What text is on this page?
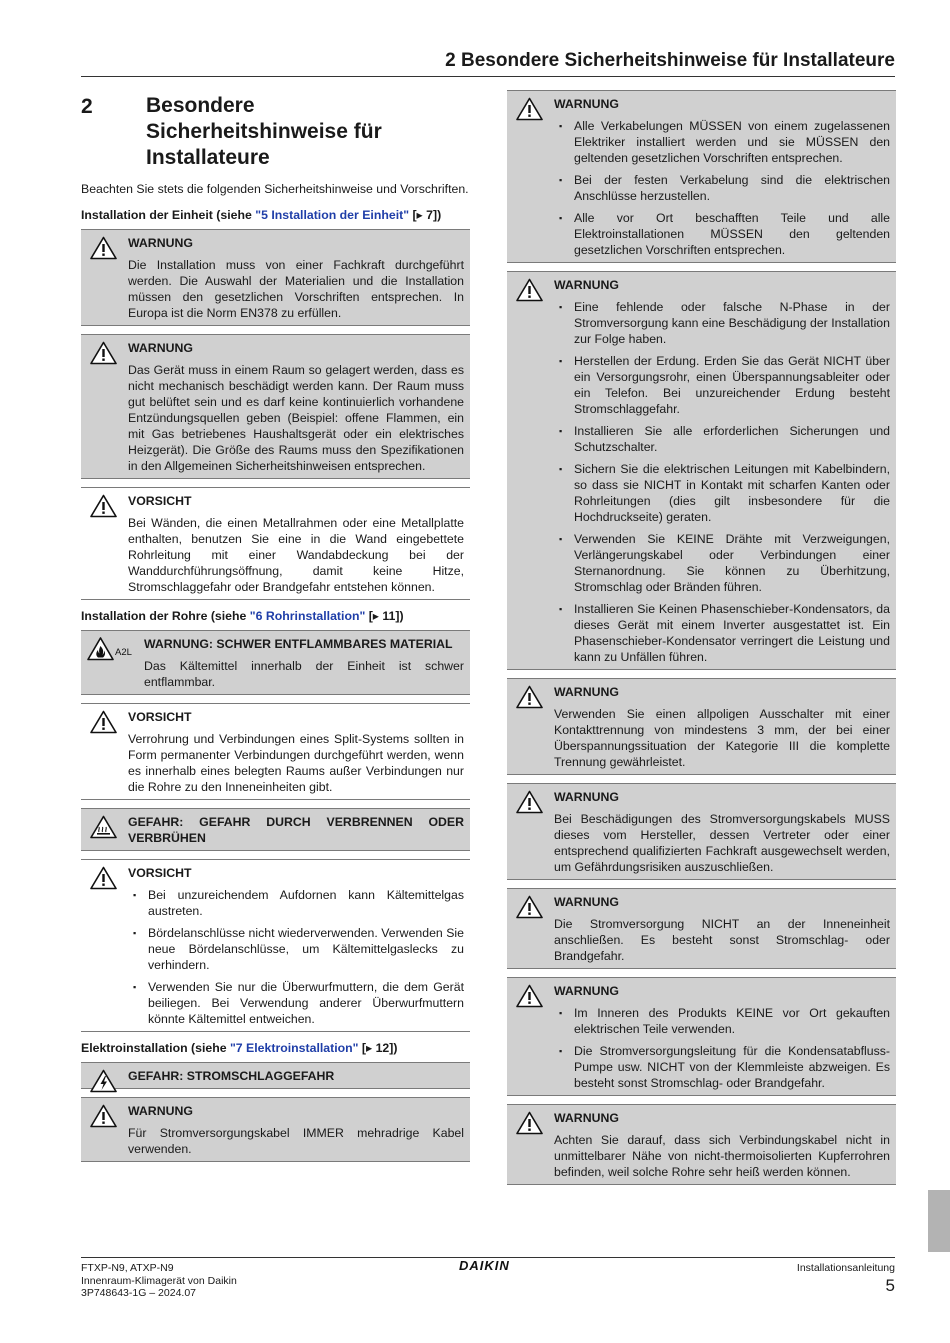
2 Besondere Sicherheitshinweise für Installateure
2	Besondere Sicherheitshinweise für Installateure

Beachten Sie stets die folgenden Sicherheitshinweise und Vorschriften.

Installation der Einheit (siehe "5 Installation der Einheit" [▸ 7])
WARNUNG
Die Installation muss von einer Fachkraft durchgeführt werden. Die Auswahl der Materialien und die Installation müssen den gesetzlichen Vorschriften entsprechen. In Europa ist die Norm EN378 zu erfüllen.
WARNUNG
Das Gerät muss in einem Raum so gelagert werden, dass es nicht mechanisch beschädigt werden kann. Der Raum muss gut belüftet sein und es darf keine kontinuierlich vorhandene Entzündungsquellen geben (Beispiel: offene Flammen, ein mit Gas betriebenes Haushaltsgerät oder ein elektrisches Heizgerät). Die Größe des Raums muss den Spezifikationen in den Allgemeinen Sicherheitshinweisen entsprechen.
VORSICHT
Bei Wänden, die einen Metallrahmen oder eine Metallplatte enthalten, benutzen Sie eine in die Wand eingebettete Rohrleitung mit einer Wandabdeckung bei der Wanddurchführungsöffnung, damit keine Hitze, Stromschlaggefahr oder Brandgefahr entstehen können.
Installation der Rohre (siehe "6 Rohrinstallation" [▸ 11])
A2L
WARNUNG: SCHWER ENTFLAMMBARES MATERIAL
Das Kältemittel innerhalb der Einheit ist schwer entflammbar.
VORSICHT
Verrohrung und Verbindungen eines Split-Systems sollten in Form permanenter Verbindungen durchgeführt werden, wenn es innerhalb eines belegten Raums außer Verbindungen nur die Rohre zu den Inneneinheiten gibt.
GEFAHR: GEFAHR DURCH VERBRENNEN ODER VERBRÜHEN
VORSICHT
▪ Bei unzureichendem Aufdornen kann Kältemittelgas austreten.
▪ Bördelanschlüsse nicht wiederverwenden. Verwenden Sie neue Bördelanschlüsse, um Kältemittelgaslecks zu verhindern.
▪ Verwenden Sie nur die Überwurfmuttern, die dem Gerät beiliegen. Bei Verwendung anderer Überwurfmuttern könnte Kältemittel entweichen.
Elektroinstallation (siehe "7 Elektroinstallation" [▸ 12])
GEFAHR: STROMSCHLAGGEFAHR
WARNUNG
Für Stromversorgungskabel IMMER mehradrige Kabel verwenden.
WARNUNG
▪ Alle Verkabelungen MÜSSEN von einem zugelassenen Elektriker installiert werden und sie MÜSSEN den geltenden gesetzlichen Vorschriften entsprechen.
▪ Bei der festen Verkabelung sind die elektrischen Anschlüsse herzustellen.
▪ Alle vor Ort beschafften Teile und alle Elektroinstallationen MÜSSEN den geltenden gesetzlichen Vorschriften entsprechen.
WARNUNG
▪ Eine fehlende oder falsche N-Phase in der Stromversorgung kann eine Beschädigung der Installation zur Folge haben.
▪ Herstellen der Erdung. Erden Sie das Gerät NICHT über ein Versorgungsrohr, einen Überspannungsableiter oder ein Telefon. Bei unzureichender Erdung besteht Stromschlaggefahr.
▪ Installieren Sie alle erforderlichen Sicherungen und Schutzschalter.
▪ Sichern Sie die elektrischen Leitungen mit Kabelbindern, so dass sie NICHT in Kontakt mit scharfen Kanten oder Rohrleitungen (dies gilt insbesondere für die Hochdruckseite) geraten.
▪ Verwenden Sie KEINE Drähte mit Verzweigungen, Verlängerungskabel oder Verbindungen einer Sternanordnung. Sie können zu Überhitzung, Stromschlag oder Bränden führen.
▪ Installieren Sie Keinen Phasenschieber-Kondensators, da dieses Gerät mit einem Inverter ausgestattet ist. Ein Phasenschieber-Kondensator verringert die Leistung und kann zu Unfällen führen.
WARNUNG
Verwenden Sie einen allpoligen Ausschalter mit einer Kontakttrennung von mindestens 3 mm, der bei einer Überspannungssituation der Kategorie III die komplette Trennung gewährleistet.
WARNUNG
Bei Beschädigungen des Stromversorgungskabels MUSS dieses vom Hersteller, dessen Vertreter oder einer entsprechend qualifizierten Fachkraft ausgewechselt werden, um Gefährdungsrisiken auszuschließen.
WARNUNG
Die Stromversorgung NICHT an der Inneneinheit anschließen. Es besteht sonst Stromschlag- oder Brandgefahr.
WARNUNG
▪ Im Inneren des Produkts KEINE vor Ort gekauften elektrischen Teile verwenden.
▪ Die Stromversorgungsleitung für die Kondensatabfluss-Pumpe usw. NICHT von der Klemmleiste abzweigen. Es besteht sonst Stromschlag- oder Brandgefahr.
WARNUNG
Achten Sie darauf, dass sich Verbindungskabel nicht in unmittelbarer Nähe von nicht-thermoisolierten Kupferrohren befinden, weil solche Rohre sehr heiß werden können.
FTXP-N9, ATXP-N9
Innenraum-Klimagerät von Daikin
3P748643-1G – 2024.07
DAIKIN	Installationsanleitung
5
